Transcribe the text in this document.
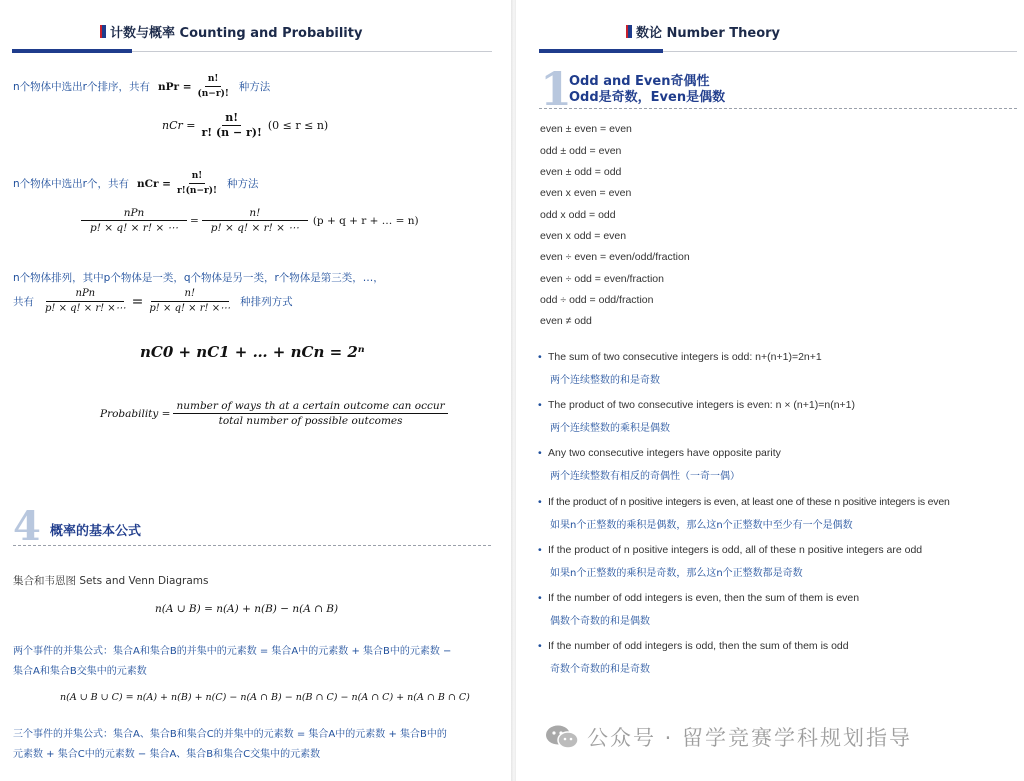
计数与概率 Counting and Probability
n个物体中选出r个排序，共有 nPr = $\frac{n!}{(n-r)!}$ 种方法
nCr = $\frac{n!}{r! (n - r)!} (0 \le r \le n)$
n个物体中选出r个，共有 nCr = $\frac{n!}{r!(n-r)!}$ 种方法
$\frac{\text{nPn}}{p! \times q! \times r! \times \cdots} = \frac{n!}{p! \times q! \times r! \times \cdots} (p + q + r$ + … = n)
n个物体排列，其中p个物体是一类，q个物体是另一类，r个物体是第三类，…，
共有 $\frac{\text{nPn}}{p! \times q! \times r! \times\cdots} = \frac{n!}{p! \times q! \times r! \times\cdots}$ 种排列方式
nC0 + nC1 + … + nCn = 2ⁿ
Probability = $\frac{\text{number of ways th at a certain outcome can occur}}{\text{total number of possible outcomes}}$
4 概率的基本公式
集合和韦恩图 Sets and Venn Diagrams
n(A ∪ B) = n(A) + n(B) − n(A ∩ B)
两个事件的并集公式：集合A和集合B的并集中的元素数 = 集合A中的元素数 + 集合B中的元素数 −
集合A和集合B交集中的元素数
n(A ∪ B ∪ C) = n(A) + n(B) + n(C) − n(A ∩ B) − n(B ∩ C) − n(A ∩ C) + n(A ∩ B ∩ C)
三个事件的并集公式：集合A、集合B和集合C的并集中的元素数 = 集合A中的元素数 + 集合B中的
元素数 + 集合C中的元素数 − 集合A、集合B和集合C交集中的元素数
数论 Number Theory
1
Odd and Even奇偶性
Odd是奇数，Even是偶数
even ± even = even
odd ± odd = even
even ± odd = odd
even x even = even
odd x odd = odd
even x odd = even
even ÷ even = even/odd/fraction
even ÷ odd = even/fraction
odd ÷ odd = odd/fraction
even ≠ odd
• The sum of two consecutive integers is odd: n+(n+1)=2n+1
两个连续整数的和是奇数
• The product of two consecutive integers is even: n × (n+1)=n(n+1)
两个连续整数的乘积是偶数
• Any two consecutive integers have opposite parity
两个连续整数有相反的奇偶性（一奇一偶）
• If the product of n positive integers is even, at least one of these n positive integers is even
如果n个正整数的乘积是偶数，那么这n个正整数中至少有一个是偶数
• If the product of n positive integers is odd, all of these n positive integers are odd
如果n个正整数的乘积是奇数，那么这n个正整数都是奇数
• If the number of odd integers is even, then the sum of them is even
偶数个奇数的和是偶数
• If the number of odd integers is odd, then the sum of them is odd
奇数个奇数的和是奇数
公众号 · 留学竞赛学科规划指导
